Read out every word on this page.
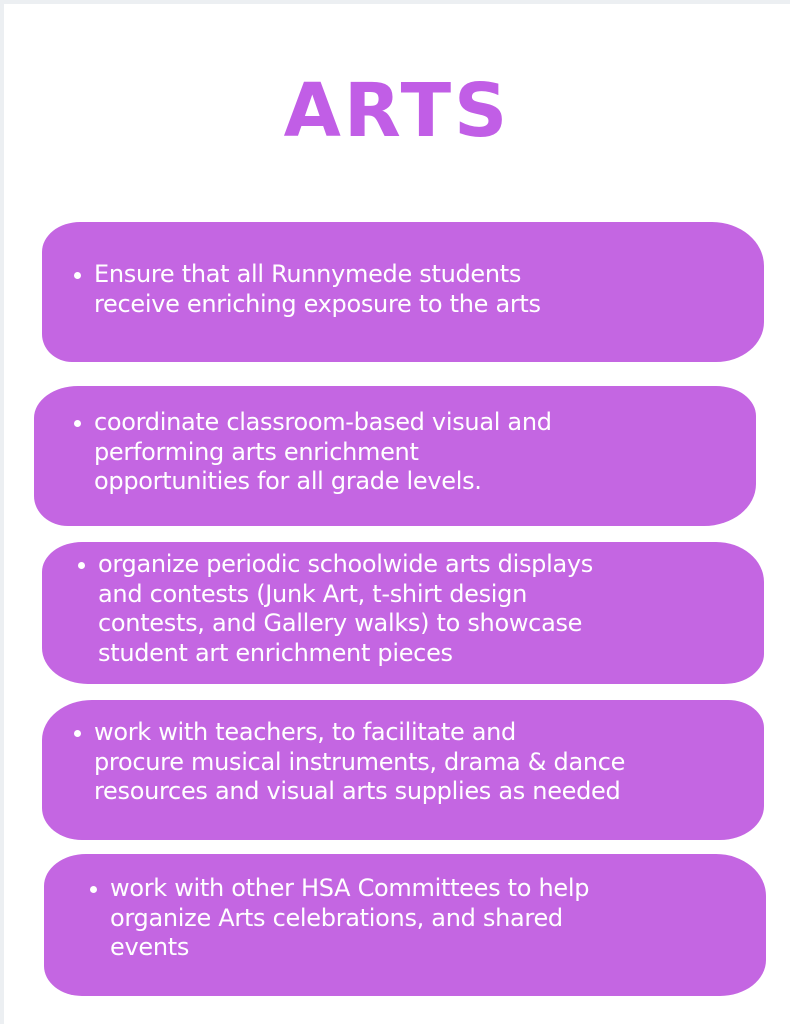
ARTS
Ensure that all Runnymede students
receive enriching exposure to the arts
coordinate classroom-based visual and
performing arts enrichment
opportunities for all grade levels.
organize periodic schoolwide arts displays
and contests (Junk Art, t-shirt design
contests, and Gallery walks) to showcase
student art enrichment pieces
work with teachers, to facilitate and
procure musical instruments, drama & dance
resources and visual arts supplies as needed
work with other HSA Committees to help
organize Arts celebrations, and shared
events
